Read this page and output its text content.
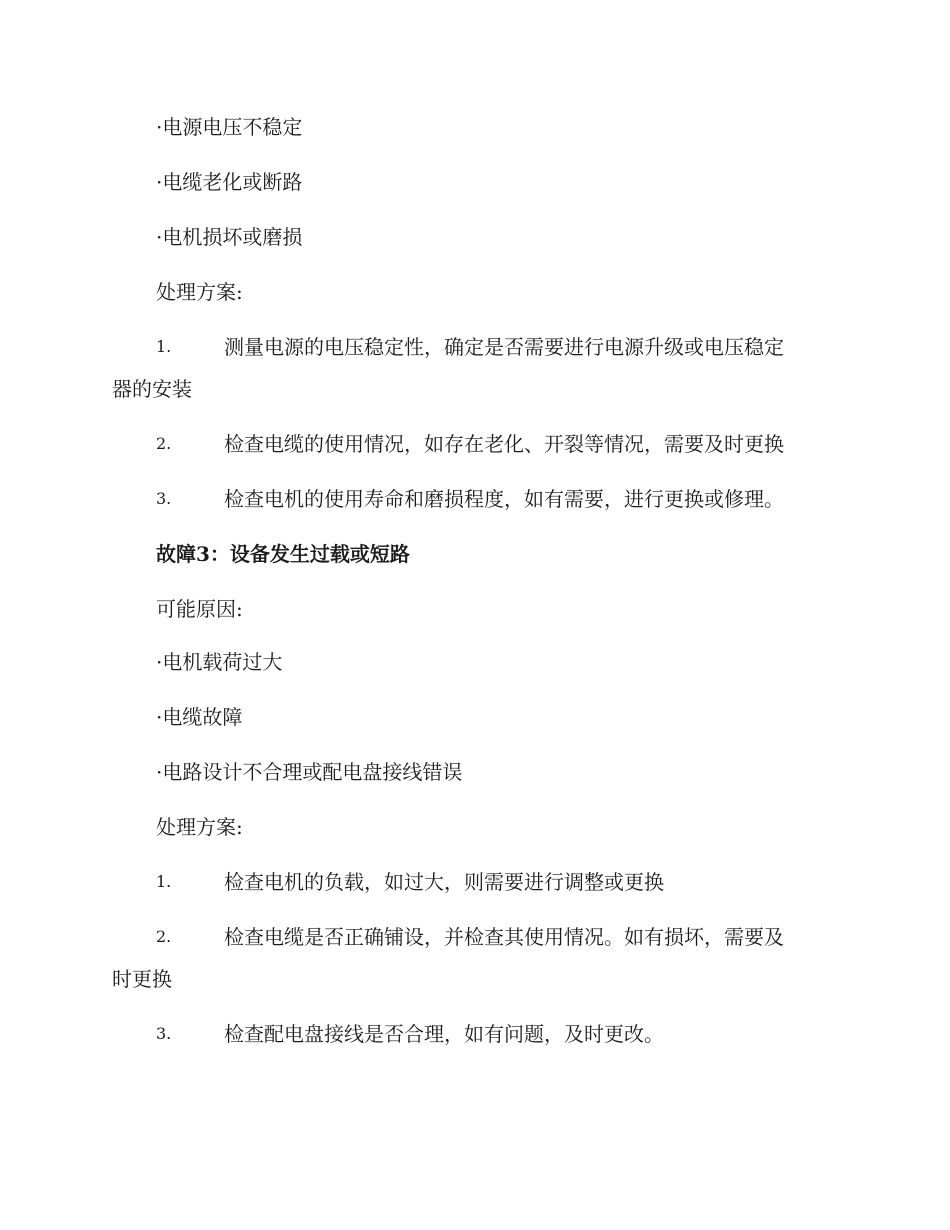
·电源电压不稳定
·电缆老化或断路
·电机损坏或磨损
处理方案:
1.	测量电源的电压稳定性，确定是否需要进行电源升级或电压稳定
器的安装
2.	检查电缆的使用情况，如存在老化、开裂等情况，需要及时更换
3.	检查电机的使用寿命和磨损程度，如有需要，进行更换或修理。
故障3：设备发生过载或短路
可能原因:
·电机载荷过大
·电缆故障
·电路设计不合理或配电盘接线错误
处理方案:
1.	检查电机的负载，如过大，则需要进行调整或更换
2.	检查电缆是否正确铺设，并检查其使用情况。如有损坏，需要及
时更换
3.	检查配电盘接线是否合理，如有问题，及时更改。
